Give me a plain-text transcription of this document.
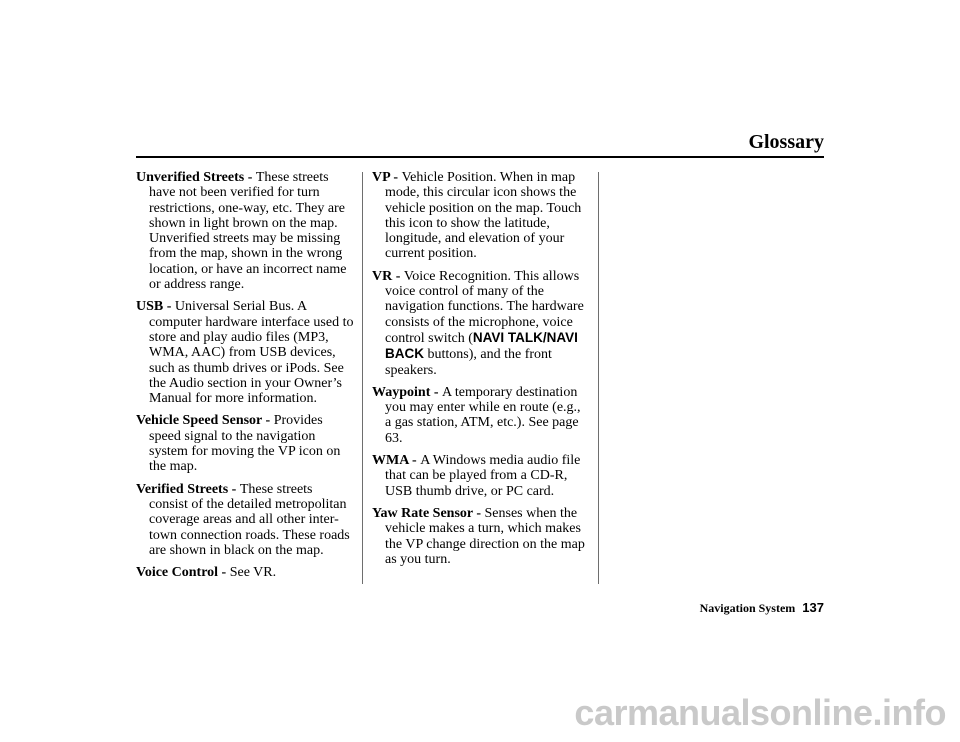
Glossary

Unverified Streets - These streets have not been verified for turn restrictions, one-way, etc. They are shown in light brown on the map. Unverified streets may be missing from the map, shown in the wrong location, or have an incorrect name or address range.

USB - Universal Serial Bus. A computer hardware interface used to store and play audio files (MP3, WMA, AAC) from USB devices, such as thumb drives or iPods. See the Audio section in your Owner’s Manual for more information.

Vehicle Speed Sensor - Provides speed signal to the navigation system for moving the VP icon on the map.

Verified Streets - These streets consist of the detailed metropolitan coverage areas and all other inter-town connection roads. These roads are shown in black on the map.

Voice Control - See VR.

VP - Vehicle Position. When in map mode, this circular icon shows the vehicle position on the map. Touch this icon to show the latitude, longitude, and elevation of your current position.

VR - Voice Recognition. This allows voice control of many of the navigation functions. The hardware consists of the microphone, voice control switch (NAVI TALK/NAVI BACK buttons), and the front speakers.

Waypoint - A temporary destination you may enter while en route (e.g., a gas station, ATM, etc.). See page 63.

WMA - A Windows media audio file that can be played from a CD-R, USB thumb drive, or PC card.

Yaw Rate Sensor - Senses when the vehicle makes a turn, which makes the VP change direction on the map as you turn.

Navigation System 137
carmanualsonline.info
